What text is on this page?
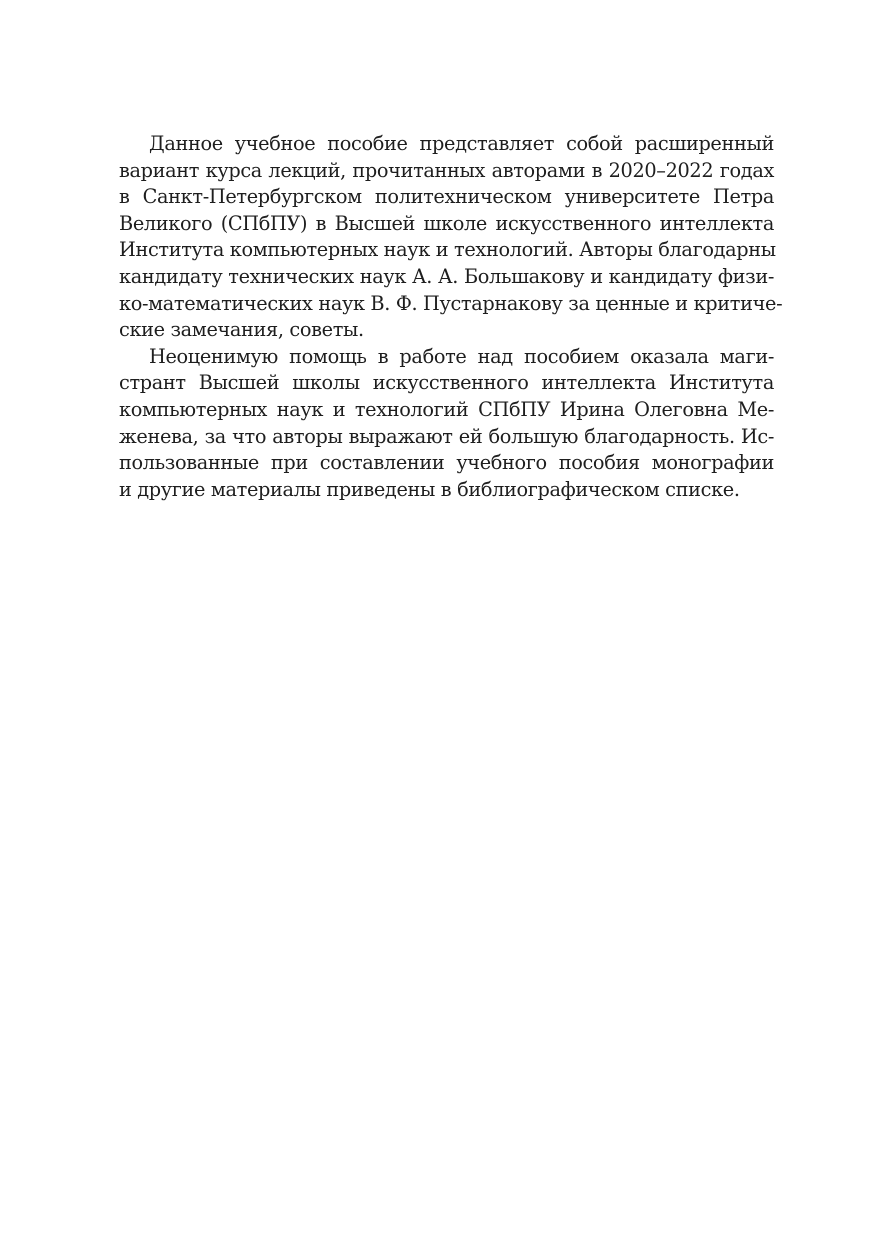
Данное учебное пособие представляет собой расширенный
вариант курса лекций, прочитанных авторами в 2020–2022 годах
в Санкт-Петербургском политехническом университете Петра
Великого (СПбПУ) в Высшей школе искусственного интеллекта
Института компьютерных наук и технологий. Авторы благодарны
кандидату технических наук А. А. Большакову и кандидату физи-
ко-математических наук В. Ф. Пустарнакову за ценные и критиче-
ские замечания, советы.
Неоценимую помощь в работе над пособием оказала маги-
странт Высшей школы искусственного интеллекта Института
компьютерных наук и технологий СПбПУ Ирина Олеговна Ме-
женева, за что авторы выражают ей большую благодарность. Ис-
пользованные при составлении учебного пособия монографии
и другие материалы приведены в библиографическом списке.
